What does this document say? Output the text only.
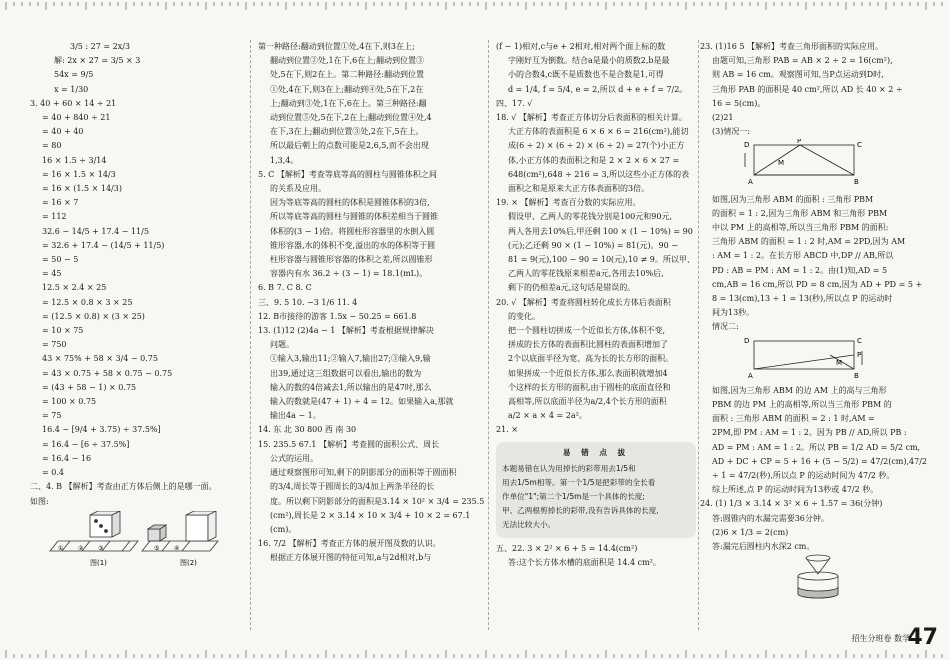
3/5 : 27 = 2x/3
解: 2x × 27 = 3/5 × 3
54x = 9/5
x = 1/30
3. 40 + 60 × 14 ÷ 21
= 40 + 840 ÷ 21
= 40 + 40
= 80
16 × 1.5 ÷ 3/14
= 16 × 1.5 × 14/3
= 16 × (1.5 × 14/3)
= 16 × 7
= 112
32.6 − 14/5 + 17.4 − 11/5
= 32.6 + 17.4 − (14/5 + 11/5)
= 50 − 5
= 45
12.5 × 2.4 × 25
= 12.5 × 0.8 × 3 × 25
= (12.5 × 0.8) × (3 × 25)
= 10 × 75
= 750
43 × 75% + 58 × 3/4 − 0.75
= 43 × 0.75 + 58 × 0.75 − 0.75
= (43 + 58 − 1) × 0.75
= 100 × 0.75
= 75
16.4 − [9/4 + 3.75) ÷ 37.5%]
= 16.4 − [6 ÷ 37.5%]
= 16.4 − 16
= 0.4
二、4. B 【解析】考查由正方体后侧上的是哪一面。
如图:
① ② ③	⑤ ④
图(1)	图(2)
第一种路径:翻动到位置①处,4在下,则3在上;
翻动到位置②处,1在下,6在上;翻动到位置③
处,5在下,则2在上。第二种路径:翻动到位置
①处,4在下,则3在上;翻动到④处,5在下,2在
上;翻动到③处,1在下,6在上。第三种路径:翻
动到位置⑤处,5在下,2在上;翻动到位置④处,4
在下,3在上;翻动到位置③处,2在下,5在上。
所以最后朝上的点数可能是2,6,5,而不会出现
1,3,4。
5. C 【解析】考查等底等高的圆柱与圆锥体积之间
的关系及应用。
因为等底等高的圆柱的体积是圆锥体积的3倍,
所以等底等高的圆柱与圆锥的体积差相当于圆锥
体积的(3 − 1)倍。将圆柱形容器里的水倒入圆
锥形容器,水的体积不变,溢出的水的体积等于圆
柱形容器与圆锥形容器的体积之差,所以圆锥形
容器内有水 36.2 ÷ (3 − 1) = 18.1(mL)。
6. B 7. C 8. C
三、9. 5 10. −3 1/6 11. 4
12. B市接待的游客 1.5x − 50.25 = 661.8
13. (1)12 (2)4a − 1 【解析】考查根据规律解决
问题。
①输入3,输出11;②输入7,输出27;③输入9,输
出39,通过这三组数据可以看出,输出的数为
输入的数的4倍减去1,所以输出的是47时,那么
输入的数就是(47 + 1) ÷ 4 = 12。如果输入a,那就
输出4a − 1。
14. 东 北 30 800 西 南 30
15. 235.5 67.1 【解析】考查圆的面积公式、周长
公式的运用。
通过观察图形可知,剩下的阴影部分的面积等于圆面积
的3/4,周长等于圆周长的3/4加上两条半径的长
度。所以剩下阴影部分的面积是3.14 × 10² × 3/4 = 235.5
(cm²),周长是 2 × 3.14 × 10 × 3/4 + 10 × 2 = 67.1
(cm)。
16. 7/2 【解析】考查正方体的展开图及数的认识。
根据正方体展开图的特征可知,a与2d相对,b与
(f − 1)相对,c与e + 2相对,相对两个面上标的数
字刚好互为倒数。结合a是最小的质数2,b是最
小的合数4,c既不是质数也不是合数是1,可得
d = 1/4, f = 5/4, e = 2,所以 d + e + f = 7/2。
四、17. √
18. √ 【解析】考查正方体切分后表面积的相关计算。
大正方体的表面积是 6 × 6 × 6 = 216(cm²),能切
成(6 ÷ 2) × (6 ÷ 2) × (6 ÷ 2) = 27(个)小正方
体,小正方体的表面积之和是 2 × 2 × 6 × 27 =
648(cm²),648 ÷ 216 = 3,所以这些小正方体的表
面积之和是原来大正方体表面积的3倍。
19. × 【解析】考查百分数的实际应用。
假设甲、乙两人的零花钱分别是100元和90元,
两人各用去10%后,甲还剩 100 × (1 − 10%) = 90
(元);乙还剩 90 × (1 − 10%) = 81(元)。90 −
81 = 9(元),100 − 90 = 10(元),10 ≠ 9。所以甲、
乙两人的零花钱原来相差a元,各用去10%后,
剩下的仍相差a元,这句话是错误的。
20. √ 【解析】考查将圆柱转化成长方体后表面积
的变化。
把一个圆柱切拼成一个近似长方体,体积不变,
拼成的长方体的表面积比圆柱的表面积增加了
2个以底面半径为宽、高为长的长方形的面积。
如果拼成一个近似长方体,那么表面积就增加4
个这样的长方形的面积,由于圆柱的底面直径和
高相等,所以底面半径为a/2,4个长方形的面积
a/2 × a × 4 = 2a²。
21. ×
易 错 点 拔
本题易错在认为用掉长的彩带用去1/5和
用去1/5m相等。第一个1/5是把彩带的全长看
作单位"1";第二个1/5m是一个具体的长度;
甲、乙两根剪掉长的彩带,没有告诉具体的长度,
无法比较大小。
五、22. 3 × 2² × 6 + 5 = 14.4(cm²)
答:这个长方体水槽的底面积是 14.4 cm²。
23. (1)16 5 【解析】考查三角形面积的实际应用。
由题可知,三角形 PAB = AB × 2 ÷ 2 = 16(cm²),
则 AB = 16 cm。观察图可知,当P点运动到D时,
三角形 PAB 的面积是 40 cm²,所以 AD 长 40 × 2 ÷
16 = 5(cm)。
(2)21
(3)情况一:
D	P	C
M
A	B
如图,因为三角形 ABM 的面积 : 三角形 PBM
的面积 = 1 : 2,因为三角形 ABM 和三角形 PBM
中以 PM 上的高相等,所以当三角形 PBM 的面积:
三角形 ABM 的面积 = 1 : 2 时,AM = 2PD,因为 AM
: AM = 1 : 2。在长方形 ABCD 中,DP // AB,所以
PD : AB = PM : AM = 1 : 2。由(1)知,AD = 5
cm,AB = 16 cm,所以 PD = 8 cm,因为 AD + PD = 5 +
8 = 13(cm),13 ÷ 1 = 13(秒),所以点 P 的运动时
间为13秒。
情况二:
D	C
P
M
A	B
如图,因为三角形 ABM 的边 AM 上的高与三角形
PBM 的边 PM 上的高相等,所以当三角形 PBM 的
面积 : 三角形 ABM 的面积 = 2 : 1 时,AM =
2PM,即 PM : AM = 1 : 2。因为 PB // AD,所以 PB :
AD = PM : AM = 1 : 2。所以 PB = 1/2 AD = 5/2 cm,
AD + DC + CP = 5 + 16 + (5 − 5/2) = 47/2(cm),47/2
÷ 1 = 47/2(秒),所以点 P 的运动时间为 47/2 秒。
综上所述,点 P 的运动时间为13秒或 47/2 秒。
24. (1) 1/3 × 3.14 × 3² × 6 ÷ 1.57 = 36(分钟)
答:圆锥内的水漏完需要36分钟。
(2)6 × 1/3 = 2(cm)
答:漏完后圆柱内水深2 cm。
招生分班卷 数学
47
